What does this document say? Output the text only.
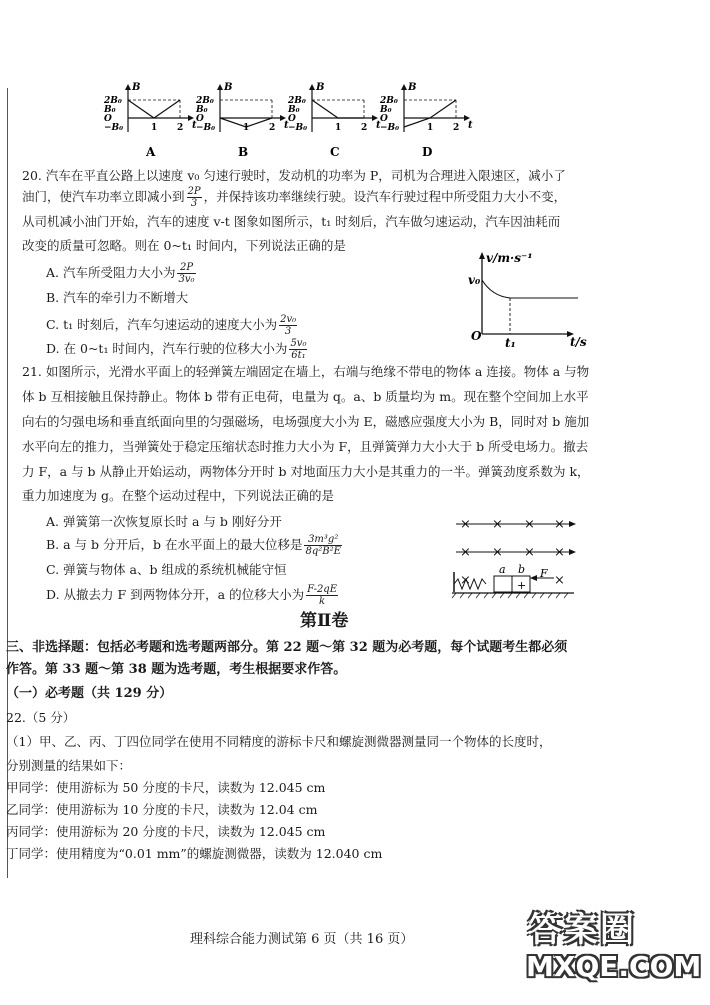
2B₀
B₀
O
−B₀
B
t
1 2
A
2B₀
B₀
O
−B₀
B
t
1 2
B
2B₀
B₀
O
−B₀
B
t
1 2
C
2B₀
B₀
O
−B₀
B
t
1 2
D
20. 汽车在平直公路上以速度 v₀ 匀速行驶时，发动机的功率为 P，司机为合理进入限速区，减小了
油门，使汽车功率立即减小到 $\frac{2P}{3}$ ，并保持该功率继续行驶。设汽车行驶过程中所受阻力大小不变，
从司机减小油门开始，汽车的速度 v-t 图象如图所示，t₁ 时刻后，汽车做匀速运动，汽车因油耗而
改变的质量可忽略。则在 0~t₁ 时间内，下列说法正确的是
A. 汽车所受阻力大小为 $\frac{2P}{\text{3v₀}}$
B. 汽车的牵引力不断增大
C. t₁ 时刻后，汽车匀速运动的速度大小为 $\frac{\text{2v₀}}{3}$
D. 在 0~t₁ 时间内，汽车行驶的位移大小为 $\frac{\text{5v₀}}{\text{6t₁}}$
v/m·s⁻¹
v₀
O t₁	t/s
21. 如图所示，光滑水平面上的轻弹簧左端固定在墙上，右端与绝缘不带电的物体 a 连接。物体 a 与物
体 b 互相接触且保持静止。物体 b 带有正电荷，电量为 q。a、b 质量均为 m。现在整个空间加上水平
向右的匀强电场和垂直纸面向里的匀强磁场，电场强度大小为 E，磁感应强度大小为 B，同时对 b 施加
水平向左的推力，当弹簧处于稳定压缩状态时推力大小为 F，且弹簧弹力大小大于 b 所受电场力。撤去
力 F，a 与 b 从静止开始运动，两物体分开时 b 对地面压力大小是其重力的一半。弹簧劲度系数为 k，
重力加速度为 g。在整个运动过程中，下列说法正确的是
A. 弹簧第一次恢复原长时 a 与 b 刚好分开
B. a 与 b 分开后，b 在水平面上的最大位移是 $\frac{\text{3m³g²}}{\text{8q²B²E}}$
C. 弹簧与物体 a、b 组成的系统机械能守恒
D. 从撤去力 F 到两物体分开，a 的位移大小为 $\frac{F-2qE}{k}$
× × × ×
× × × ×
×	×
a b
+
F
第Ⅱ卷
三、非选择题：包括必考题和选考题两部分。第 22 题～第 32 题为必考题，每个试题考生都必须
作答。第 33 题～第 38 题为选考题，考生根据要求作答。
（一）必考题（共 129 分）
22.（5 分）
（1）甲、乙、丙、丁四位同学在使用不同精度的游标卡尺和螺旋测微器测量同一个物体的长度时，
分别测量的结果如下：
甲同学：使用游标为 50 分度的卡尺，读数为 12.045 cm
乙同学：使用游标为 10 分度的卡尺，读数为 12.04 cm
丙同学：使用游标为 20 分度的卡尺，读数为 12.045 cm
丁同学：使用精度为“0.01 mm”的螺旋测微器，读数为 12.040 cm
理科综合能力测试第 6 页（共 16 页）	答案圈
MXQE.COM
